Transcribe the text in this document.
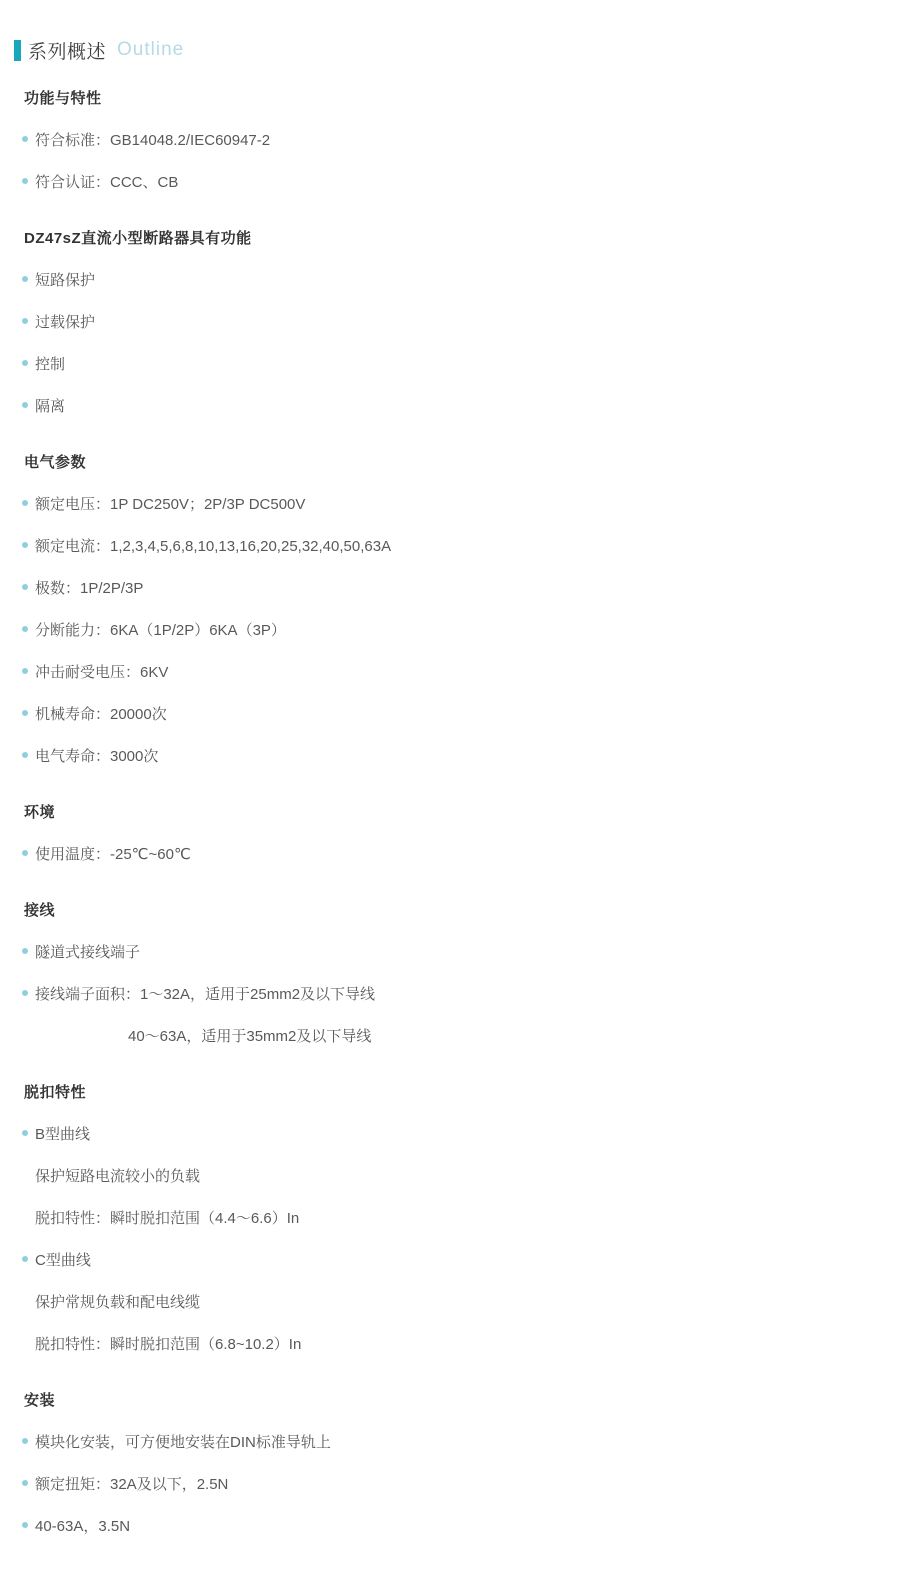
系列概述 Outline
功能与特性
符合标准：GB14048.2/IEC60947-2
符合认证：CCC、CB
DZ47sZ直流小型断路器具有功能
短路保护
过载保护
控制
隔离
电气参数
额定电压：1P DC250V；2P/3P DC500V
额定电流：1,2,3,4,5,6,8,10,13,16,20,25,32,40,50,63A
极数：1P/2P/3P
分断能力：6KA（1P/2P）6KA（3P）
冲击耐受电压：6KV
机械寿命：20000次
电气寿命：3000次
环境
使用温度：-25℃~60℃
接线
隧道式接线端子
接线端子面积：1～32A，适用于25mm2及以下导线
40～63A，适用于35mm2及以下导线
脱扣特性
B型曲线
保护短路电流较小的负载
脱扣特性：瞬时脱扣范围（4.4～6.6）In
C型曲线
保护常规负载和配电线缆
脱扣特性：瞬时脱扣范围（6.8~10.2）In
安装
模块化安装，可方便地安装在DIN标准导轨上
额定扭矩：32A及以下，2.5N
40-63A，3.5N
